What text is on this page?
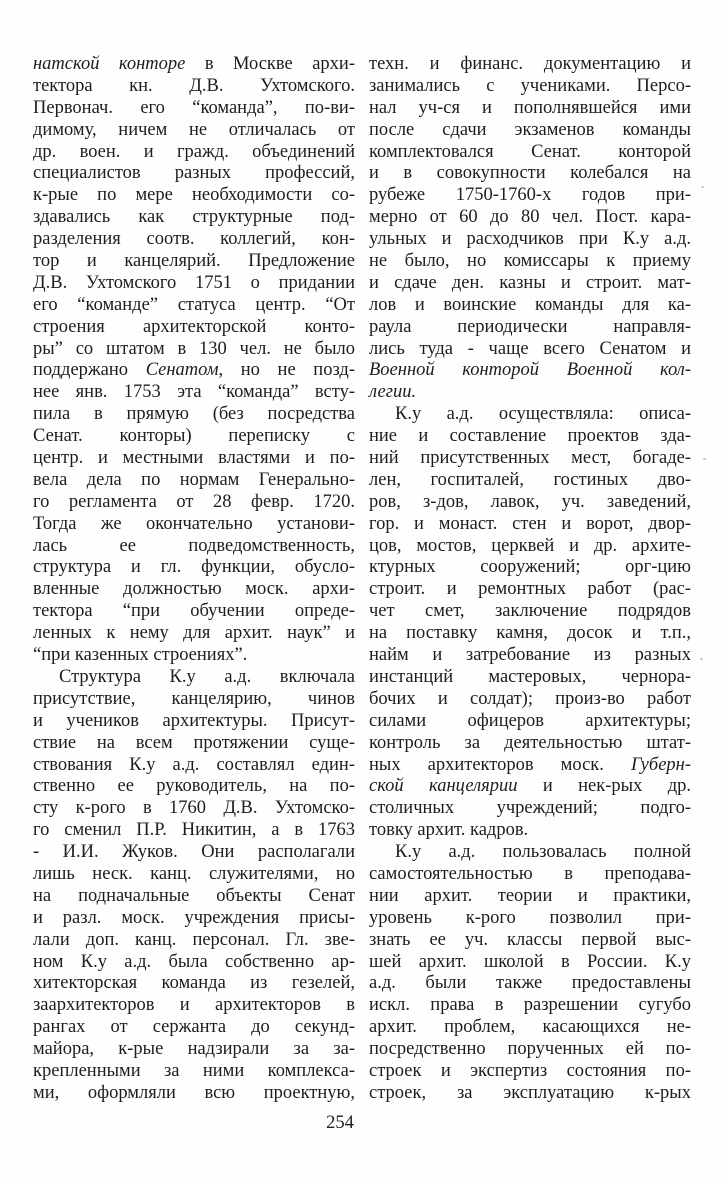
натской конторе в Москве архи-
тектора кн. Д.В. Ухтомского.
Первонач. его “команда”, по-ви-
димому, ничем не отличалась от
др. воен. и гражд. объединений
специалистов разных профессий,
к-рые по мере необходимости со-
здавались как структурные под-
разделения соотв. коллегий, кон-
тор и канцелярий. Предложение
Д.В. Ухтомского 1751 о придании
его “команде” статуса центр. “От
строения архитекторской конто-
ры” со штатом в 130 чел. не было
поддержано Сенатом, но не позд-
нее янв. 1753 эта “команда” всту-
пила в прямую (без посредства
Сенат. конторы) переписку с
центр. и местными властями и по-
вела дела по нормам Генерально-
го регламента от 28 февр. 1720.
Тогда же окончательно установи-
лась ее подведомственность,
структура и гл. функции, обусло-
вленные должностью моск. архи-
тектора “при обучении опреде-
ленных к нему для архит. наук” и
“при казенных строениях”.
Структура К.у а.д. включала
присутствие, канцелярию, чинов
и учеников архитектуры. Присут-
ствие на всем протяжении суще-
ствования К.у а.д. составлял един-
ственно ее руководитель, на по-
сту к-рого в 1760 Д.В. Ухтомско-
го сменил П.Р. Никитин, а в 1763
- И.И. Жуков. Они располагали
лишь неск. канц. служителями, но
на подначальные объекты Сенат
и разл. моск. учреждения присы-
лали доп. канц. персонал. Гл. зве-
ном К.у а.д. была собственно ар-
хитекторская команда из гезелей,
заархитекторов и архитекторов в
рангах от сержанта до секунд-
майора, к-рые надзирали за за-
крепленными за ними комплекса-
ми, оформляли всю проектную,
техн. и финанс. документацию и
занимались с учениками. Персо-
нал уч-ся и пополнявшейся ими
после сдачи экзаменов команды
комплектовался Сенат. конторой
и в совокупности колебался на
рубеже 1750-1760-х годов при-
мерно от 60 до 80 чел. Пост. кара-
ульных и расходчиков при К.у а.д.
не было, но комиссары к приему
и сдаче ден. казны и строит. мат-
лов и воинские команды для ка-
раула периодически направля-
лись туда - чаще всего Сенатом и
Военной конторой Военной кол-
легии.
К.у а.д. осуществляла: описа-
ние и составление проектов зда-
ний присутственных мест, богаде-
лен, госпиталей, гостиных дво-
ров, з-дов, лавок, уч. заведений,
гор. и монаст. стен и ворот, двор-
цов, мостов, церквей и др. архите-
ктурных сооружений; орг-цию
строит. и ремонтных работ (рас-
чет смет, заключение подрядов
на поставку камня, досок и т.п.,
найм и затребование из разных
инстанций мастеровых, чернора-
бочих и солдат); произ-во работ
силами офицеров архитектуры;
контроль за деятельностью штат-
ных архитекторов моск. Губерн-
ской канцелярии и нек-рых др.
столичных учреждений; подго-
товку архит. кадров.
К.у а.д. пользовалась полной
самостоятельностью в преподава-
нии архит. теории и практики,
уровень к-рого позволил при-
знать ее уч. классы первой выс-
шей архит. школой в России. К.у
а.д. были также предоставлены
искл. права в разрешении сугубо
архит. проблем, касающихся не-
посредственно порученных ей по-
строек и экспертиз состояния по-
строек, за эксплуатацию к-рых
254
